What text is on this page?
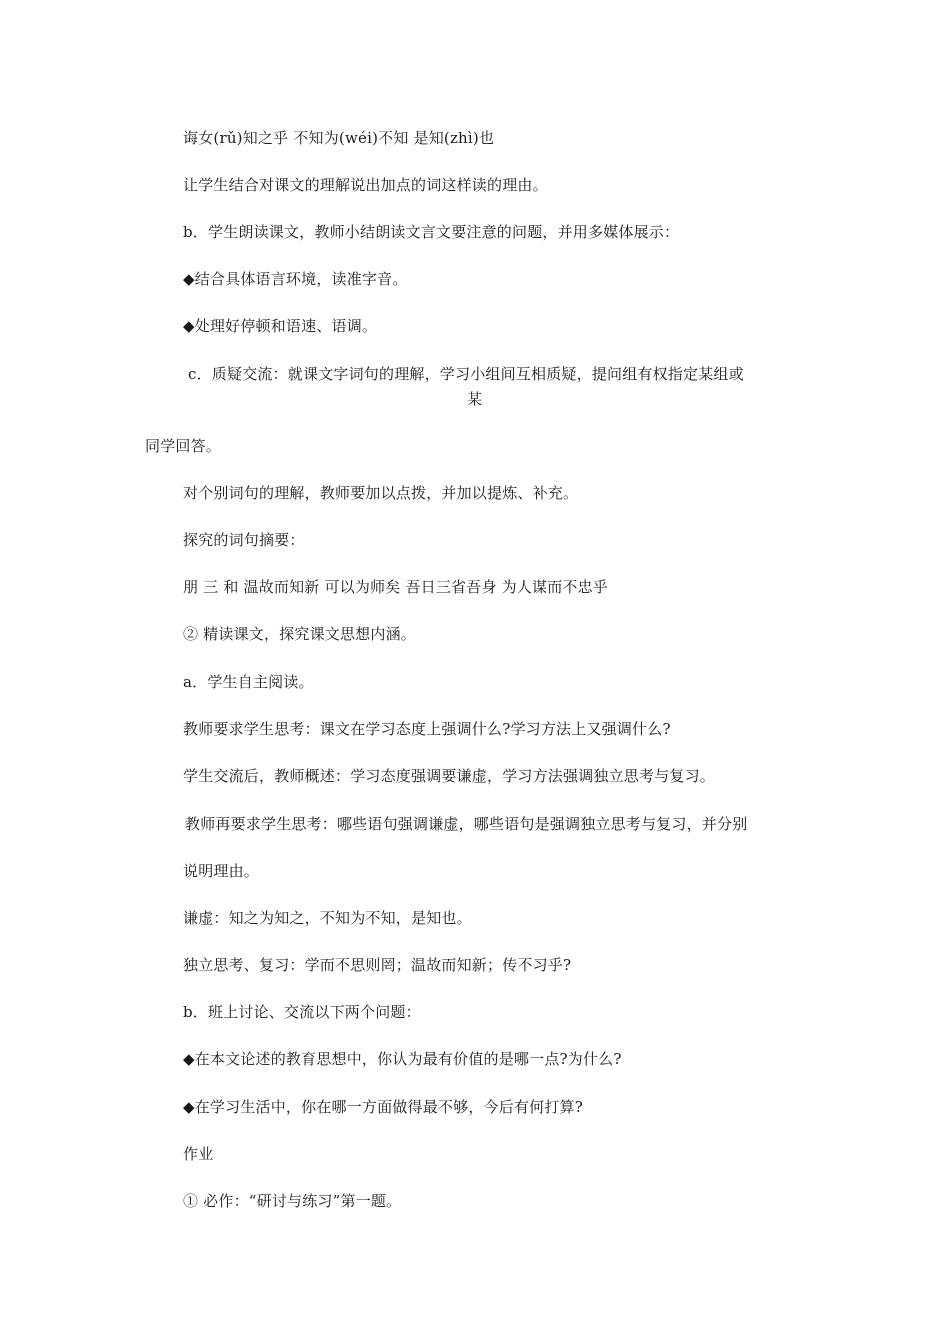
诲女(rǔ)知之乎 不知为(wéi)不知 是知(zhì)也
让学生结合对课文的理解说出加点的词这样读的理由。
b．学生朗读课文，教师小结朗读文言文要注意的问题，并用多媒体展示：
◆结合具体语言环境，读准字音。
◆处理好停顿和语速、语调。
c．质疑交流：就课文字词句的理解，学习小组间互相质疑，提问组有权指定某组或
某
同学回答。
对个别词句的理解，教师要加以点拨，并加以提炼、补充。
探究的词句摘要：
朋 三 和 温故而知新 可以为师矣 吾日三省吾身 为人谋而不忠乎
② 精读课文，探究课文思想内涵。
a．学生自主阅读。
教师要求学生思考：课文在学习态度上强调什么?学习方法上又强调什么?
学生交流后，教师概述：学习态度强调要谦虚，学习方法强调独立思考与复习。
教师再要求学生思考：哪些语句强调谦虚，哪些语句是强调独立思考与复习，并分别
说明理由。
谦虚：知之为知之，不知为不知，是知也。
独立思考、复习：学而不思则罔；温故而知新；传不习乎?
b．班上讨论、交流以下两个问题：
◆在本文论述的教育思想中，你认为最有价值的是哪一点?为什么?
◆在学习生活中，你在哪一方面做得最不够，今后有何打算?
作业
① 必作：“研讨与练习”第一题。
